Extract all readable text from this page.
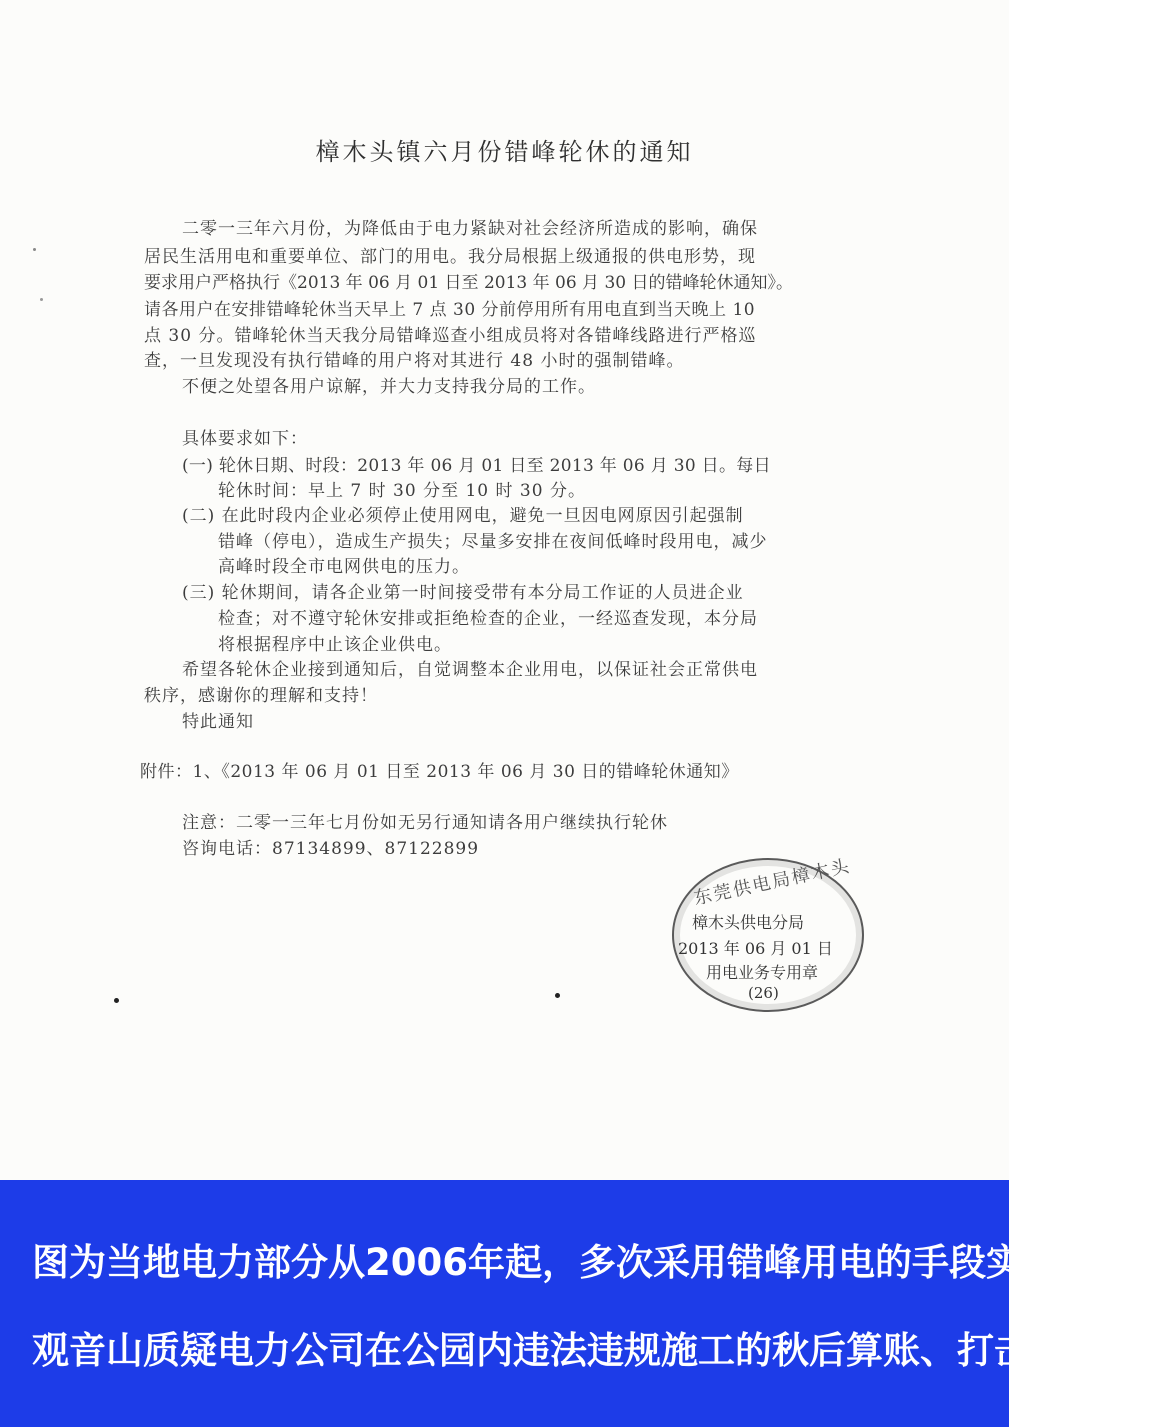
樟木头镇六月份错峰轮休的通知
二零一三年六月份，为降低由于电力紧缺对社会经济所造成的影响，确保
居民生活用电和重要单位、部门的用电。我分局根据上级通报的供电形势，现
要求用户严格执行《2013 年 06 月 01 日至 2013 年 06 月 30 日的错峰轮休通知》。
请各用户在安排错峰轮休当天早上 7 点 30 分前停用所有用电直到当天晚上 10
点 30 分。错峰轮休当天我分局错峰巡查小组成员将对各错峰线路进行严格巡
查，一旦发现没有执行错峰的用户将对其进行 48 小时的强制错峰。
不便之处望各用户谅解，并大力支持我分局的工作。
具体要求如下：
(一) 轮休日期、时段：2013 年 06 月 01 日至 2013 年 06 月 30 日。每日
轮休时间：早上 7 时 30 分至 10 时 30 分。
(二) 在此时段内企业必须停止使用网电，避免一旦因电网原因引起强制
错峰（停电），造成生产损失；尽量多安排在夜间低峰时段用电，减少
高峰时段全市电网供电的压力。
(三) 轮休期间，请各企业第一时间接受带有本分局工作证的人员进企业
检查；对不遵守轮休安排或拒绝检查的企业，一经巡查发现，本分局
将根据程序中止该企业供电。
希望各轮休企业接到通知后，自觉调整本企业用电，以保证社会正常供电
秩序，感谢你的理解和支持！
特此通知
附件：1、《2013 年 06 月 01 日至 2013 年 06 月 30 日的错峰轮休通知》
注意：二零一三年七月份如无另行通知请各用户继续执行轮休
咨询电话：87134899、87122899
东莞供电局樟木头
樟木头供电分局
2013 年 06 月 01 日
用电业务专用章
(26)
图为当地电力部分从2006年起，多次采用错峰用电的手段实质上是对
观音山质疑电力公司在公园内违法违规施工的秋后算账、打击报复。
